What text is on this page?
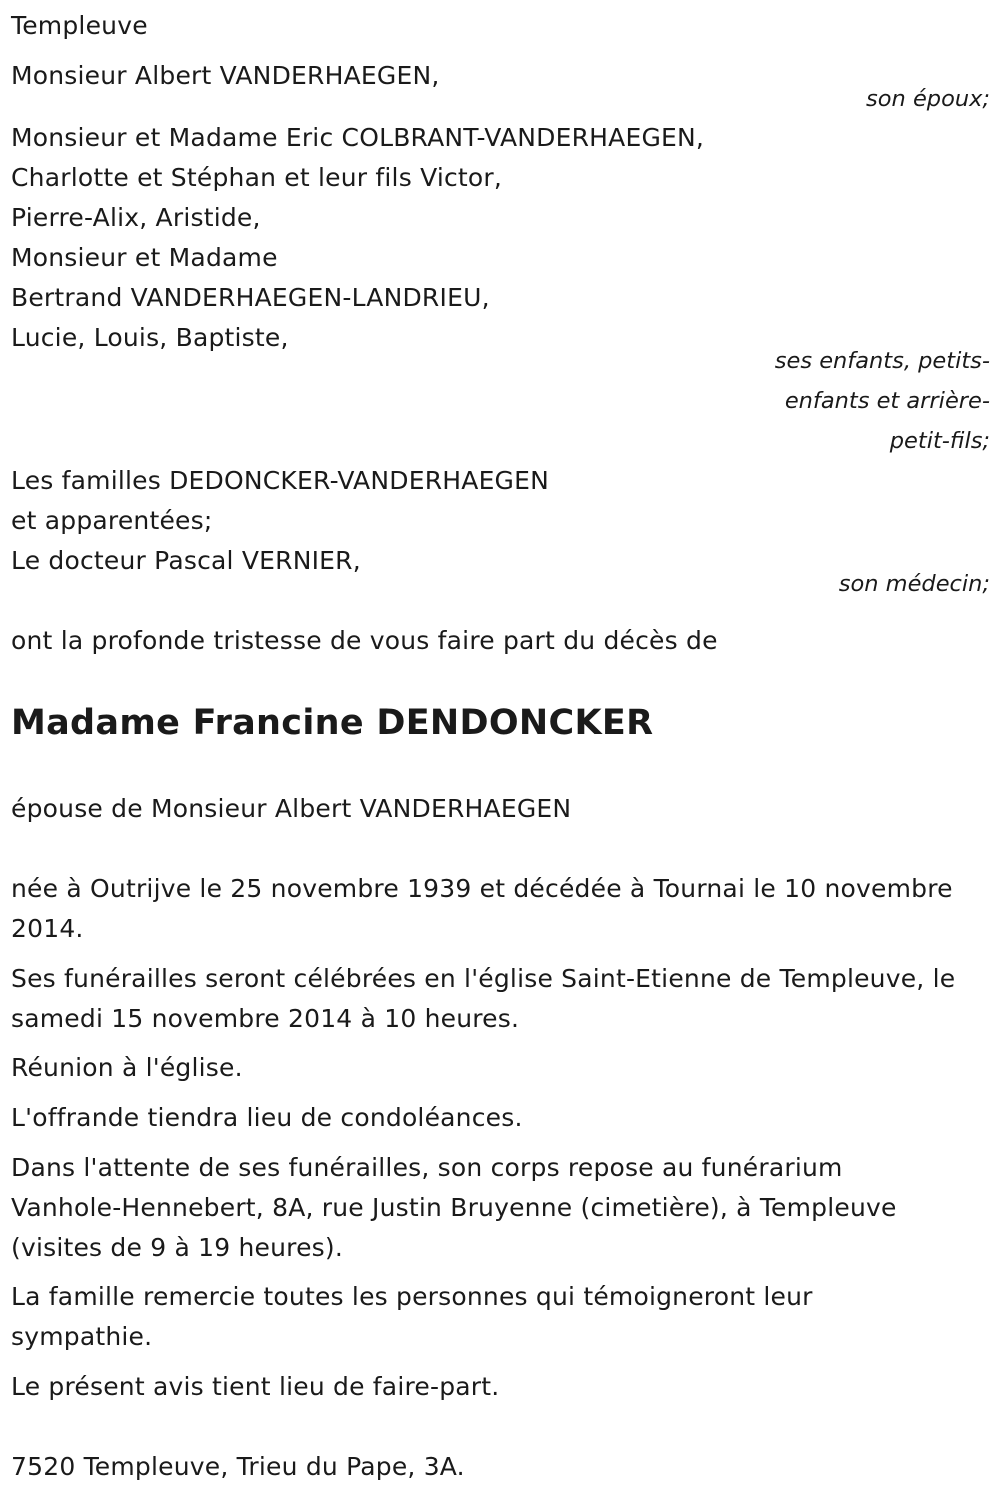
Templeuve
Monsieur Albert VANDERHAEGEN,
son époux;
Monsieur et Madame Eric COLBRANT-VANDERHAEGEN,
Charlotte et Stéphan et leur fils Victor,
Pierre-Alix, Aristide,
Monsieur et Madame
Bertrand VANDERHAEGEN-LANDRIEU,
Lucie, Louis, Baptiste,
ses enfants, petits-
enfants et arrière-
petit-fils;
Les familles DEDONCKER-VANDERHAEGEN
et apparentées;
Le docteur Pascal VERNIER,
son médecin;
ont la profonde tristesse de vous faire part du décès de
Madame Francine DENDONCKER
épouse de Monsieur Albert VANDERHAEGEN
née à Outrijve le 25 novembre 1939 et décédée à Tournai le 10 novembre
2014.
Ses funérailles seront célébrées en l'église Saint-Etienne de Templeuve, le
samedi 15 novembre 2014 à 10 heures.
Réunion à l'église.
L'offrande tiendra lieu de condoléances.
Dans l'attente de ses funérailles, son corps repose au funérarium
Vanhole-Hennebert, 8A, rue Justin Bruyenne (cimetière), à Templeuve
(visites de 9 à 19 heures).
La famille remercie toutes les personnes qui témoigneront leur
sympathie.
Le présent avis tient lieu de faire-part.
7520 Templeuve, Trieu du Pape, 3A.
